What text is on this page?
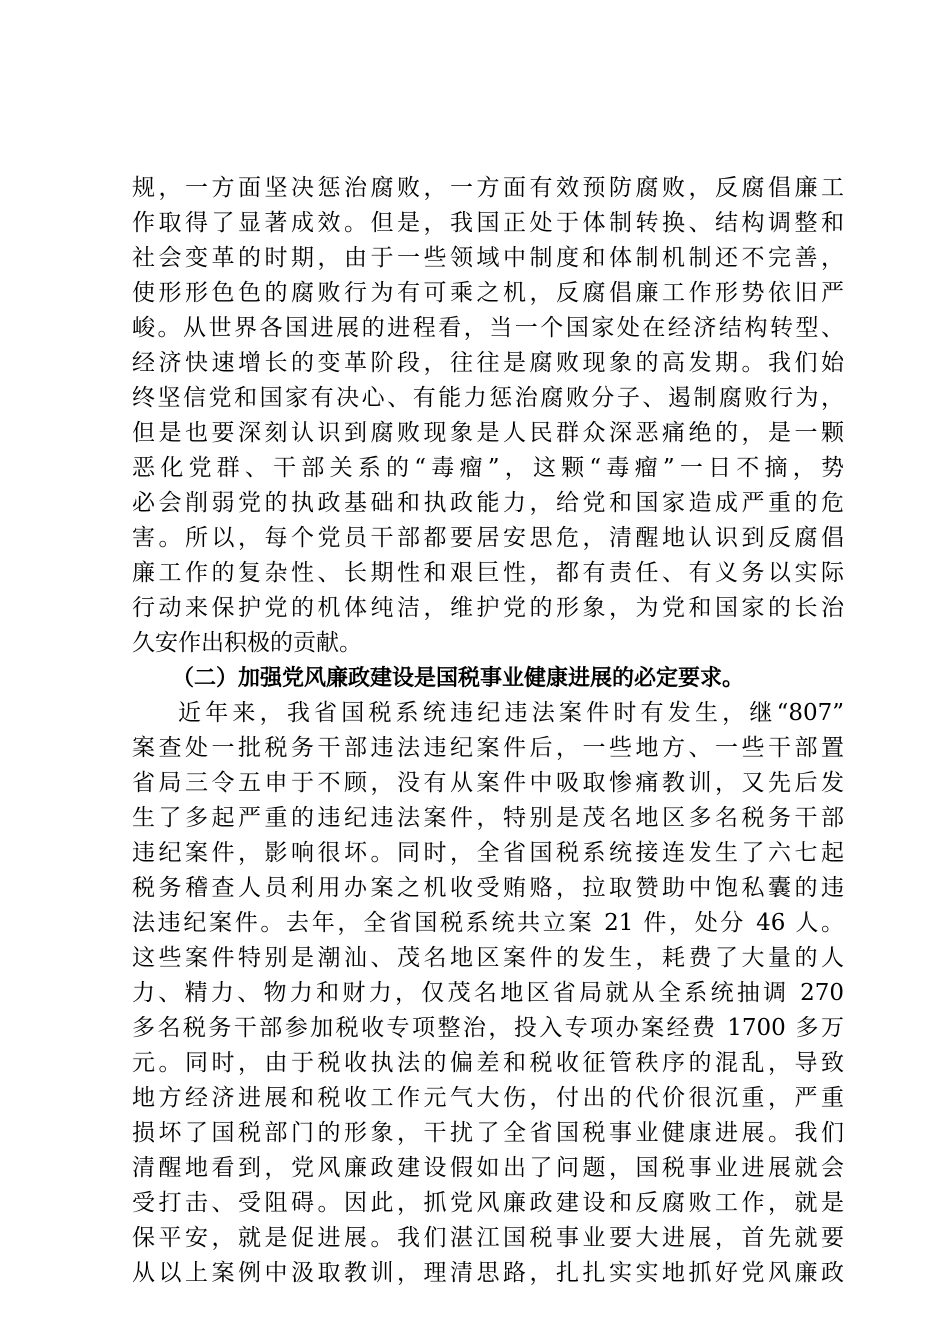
规，一方面坚决惩治腐败，一方面有效预防腐败，反腐倡廉工
作取得了显著成效。但是，我国正处于体制转换、结构调整和
社会变革的时期，由于一些领域中制度和体制机制还不完善，
使形形色色的腐败行为有可乘之机，反腐倡廉工作形势依旧严
峻。从世界各国进展的进程看，当一个国家处在经济结构转型、
经济快速增长的变革阶段，往往是腐败现象的高发期。我们始
终坚信党和国家有决心、有能力惩治腐败分子、遏制腐败行为，
但是也要深刻认识到腐败现象是人民群众深恶痛绝的，是一颗
恶化党群、干部关系的“毒瘤”，这颗“毒瘤”一日不摘，势
必会削弱党的执政基础和执政能力，给党和国家造成严重的危
害。所以，每个党员干部都要居安思危，清醒地认识到反腐倡
廉工作的复杂性、长期性和艰巨性，都有责任、有义务以实际
行动来保护党的机体纯洁，维护党的形象，为党和国家的长治
久安作出积极的贡献。
（二）加强党风廉政建设是国税事业健康进展的必定要求。
近年来，我省国税系统违纪违法案件时有发生，继“807”
案查处一批税务干部违法违纪案件后，一些地方、一些干部置
省局三令五申于不顾，没有从案件中吸取惨痛教训，又先后发
生了多起严重的违纪违法案件，特别是茂名地区多名税务干部
违纪案件，影响很坏。同时，全省国税系统接连发生了六七起
税务稽查人员利用办案之机收受贿赂，拉取赞助中饱私囊的违
法违纪案件。去年，全省国税系统共立案 21 件，处分 46 人。
这些案件特别是潮汕、茂名地区案件的发生，耗费了大量的人
力、精力、物力和财力，仅茂名地区省局就从全系统抽调 270
多名税务干部参加税收专项整治，投入专项办案经费 1700 多万
元。同时，由于税收执法的偏差和税收征管秩序的混乱，导致
地方经济进展和税收工作元气大伤，付出的代价很沉重，严重
损坏了国税部门的形象，干扰了全省国税事业健康进展。我们
清醒地看到，党风廉政建设假如出了问题，国税事业进展就会
受打击、受阻碍。因此，抓党风廉政建设和反腐败工作，就是
保平安，就是促进展。我们湛江国税事业要大进展，首先就要
从以上案例中汲取教训，理清思路，扎扎实实地抓好党风廉政
